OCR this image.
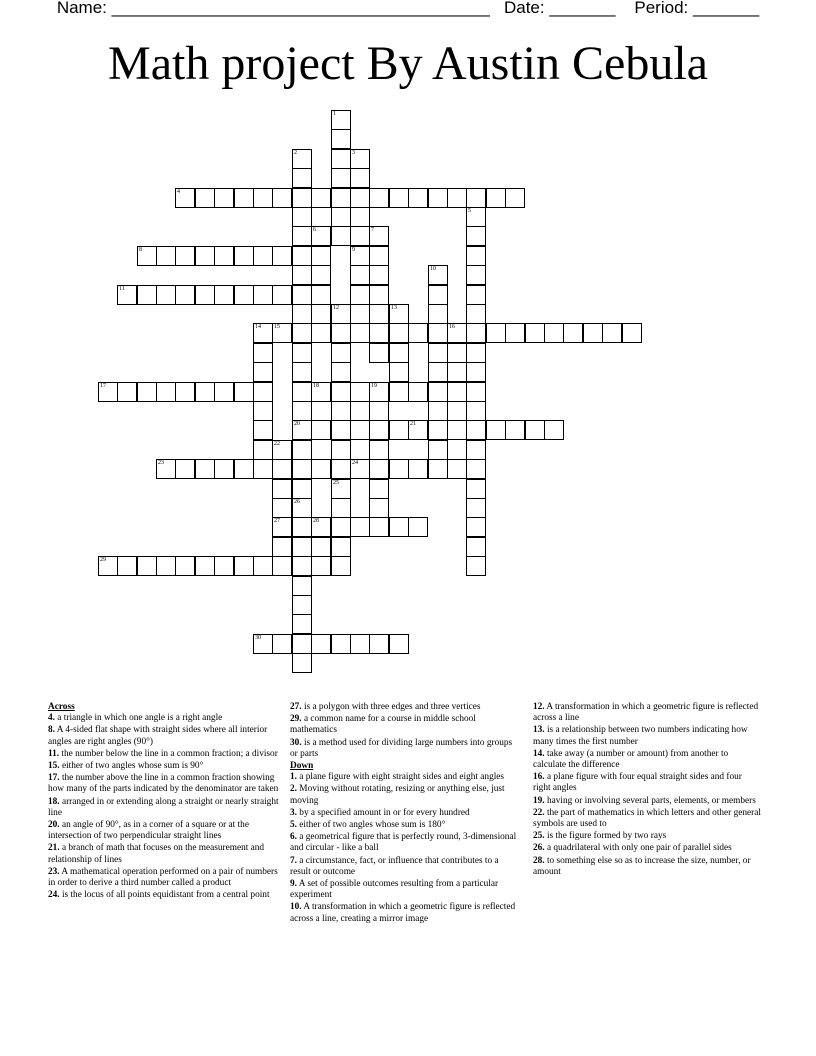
Name: ________________________________________   Date: _______    Period: _______
Math project By Austin Cebula
4
8
11
15	16
17	18	19
20	21
23	24
27	28
29
30
1
2
26
3
9
5
6	7
10
12
25
13
14
22
Across
4. a triangle in which one angle is a right angle
8. A 4-sided flat shape with straight sides where all interior angles are right angles (90°)
11. the number below the line in a common fraction; a divisor
15. either of two angles whose sum is 90°
17. the number above the line in a common fraction showing how many of the parts indicated by the denominator are taken
18. arranged in or extending along a straight or nearly straight line
20. an angle of 90°, as in a corner of a square or at the intersection of two perpendicular straight lines
21. a branch of math that focuses on the measurement and relationship of lines
23. A mathematical operation performed on a pair of numbers in order to derive a third number called a product
24. is the locus of all points equidistant from a central point
27. is a polygon with three edges and three vertices
29. a common name for a course in middle school mathematics
30. is a method used for dividing large numbers into groups or parts
Down
1. a plane figure with eight straight sides and eight angles
2. Moving without rotating, resizing or anything else, just moving
3. by a specified amount in or for every hundred
5. either of two angles whose sum is 180°
6. a geometrical figure that is perfectly round, 3-dimensional and circular - like a ball
7. a circumstance, fact, or influence that contributes to a result or outcome
9. A set of possible outcomes resulting from a particular experiment
10. A transformation in which a geometric figure is reflected across a line, creating a mirror image
12. A transformation in which a geometric figure is reflected across a line
13. is a relationship between two numbers indicating how many times the first number
14. take away (a number or amount) from another to calculate the difference
16. a plane figure with four equal straight sides and four right angles
19. having or involving several parts, elements, or members
22. the part of mathematics in which letters and other general symbols are used to
25. is the figure formed by two rays
26. a quadrilateral with only one pair of parallel sides
28. to something else so as to increase the size, number, or amount
